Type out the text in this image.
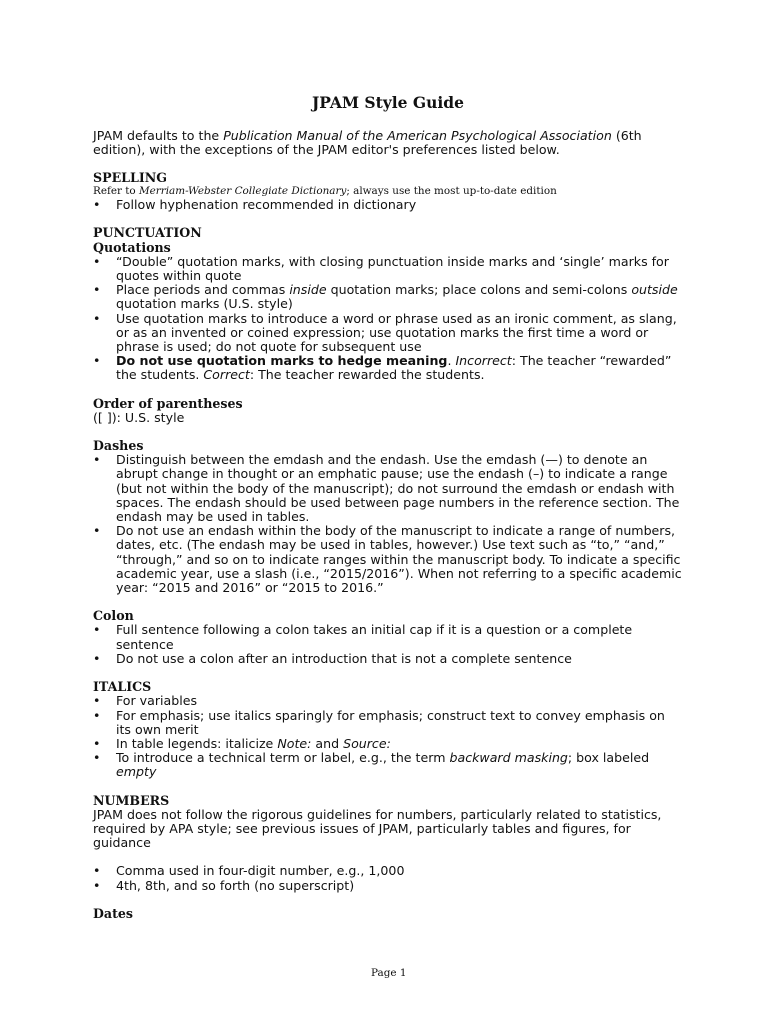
JPAM Style Guide
JPAM defaults to the Publication Manual of the American Psychological Association (6th edition), with the exceptions of the JPAM editor's preferences listed below.
SPELLING
Refer to Merriam-Webster Collegiate Dictionary; always use the most up-to-date edition
• Follow hyphenation recommended in dictionary
PUNCTUATION
Quotations
• “Double” quotation marks, with closing punctuation inside marks and ‘single’ marks for quotes within quote
• Place periods and commas inside quotation marks; place colons and semi-colons outside quotation marks (U.S. style)
• Use quotation marks to introduce a word or phrase used as an ironic comment, as slang, or as an invented or coined expression; use quotation marks the first time a word or phrase is used; do not quote for subsequent use
• Do not use quotation marks to hedge meaning. Incorrect: The teacher “rewarded” the students. Correct: The teacher rewarded the students.
Order of parentheses
([ ]): U.S. style
Dashes
• Distinguish between the emdash and the endash. Use the emdash (—) to denote an abrupt change in thought or an emphatic pause; use the endash (–) to indicate a range (but not within the body of the manuscript); do not surround the emdash or endash with spaces. The endash should be used between page numbers in the reference section. The endash may be used in tables.
• Do not use an endash within the body of the manuscript to indicate a range of numbers, dates, etc. (The endash may be used in tables, however.) Use text such as “to,” “and,” “through,” and so on to indicate ranges within the manuscript body. To indicate a specific academic year, use a slash (i.e., “2015/2016”). When not referring to a specific academic year: “2015 and 2016” or “2015 to 2016.”
Colon
• Full sentence following a colon takes an initial cap if it is a question or a complete sentence
• Do not use a colon after an introduction that is not a complete sentence
ITALICS
• For variables
• For emphasis; use italics sparingly for emphasis; construct text to convey emphasis on its own merit
• In table legends: italicize Note: and Source:
• To introduce a technical term or label, e.g., the term backward masking; box labeled empty
NUMBERS
JPAM does not follow the rigorous guidelines for numbers, particularly related to statistics, required by APA style; see previous issues of JPAM, particularly tables and figures, for guidance
• Comma used in four-digit number, e.g., 1,000
• 4th, 8th, and so forth (no superscript)
Dates
Page 1
